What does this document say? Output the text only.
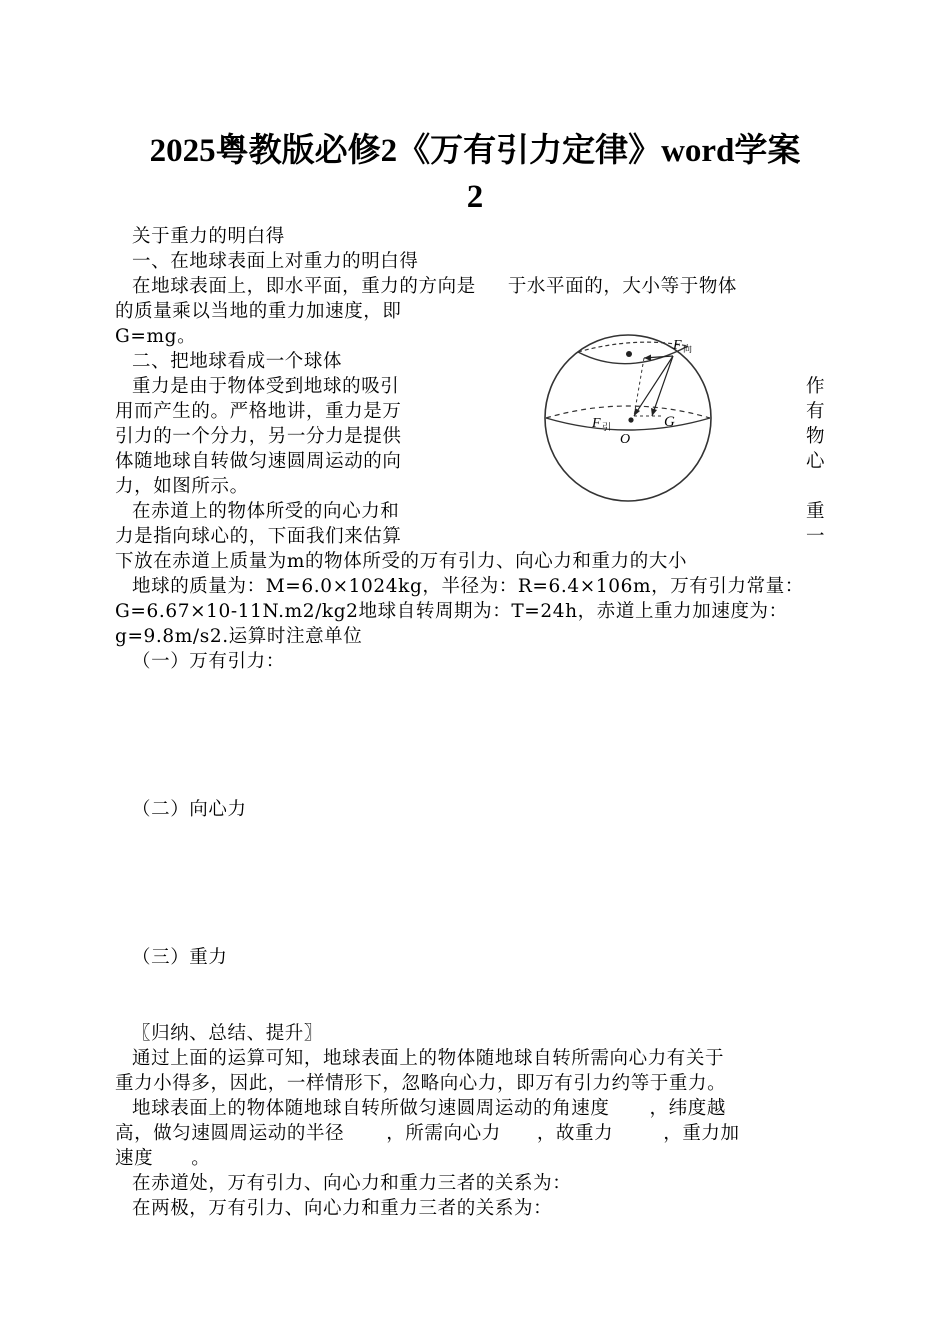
2025粤教版必修2《万有引力定律》word学案
2
关于重力的明白得
一、在地球表面上对重力的明白得
在地球表面上，即水平面，重力的方向是 于水平面的，大小等于物体
的质量乘以当地的重力加速度，即
G=mg。
二、把地球看成一个球体
重力是由于物体受到地球的吸引	作
用而产生的。严格地讲，重力是万	有
引力的一个分力，另一分力是提供	物
体随地球自转做匀速圆周运动的向	心
力，如图所示。
在赤道上的物体所受的向心力和	重
力是指向球心的，下面我们来估算	一
下放在赤道上质量为m的物体所受的万有引力、向心力和重力的大小
地球的质量为：M=6.0×1024kg，半径为：R=6.4×106m，万有引力常量：
G=6.67×10-11N.m2/kg2地球自转周期为：T=24h，赤道上重力加速度为：
g=9.8m/s2.运算时注意单位
（一）万有引力：
（二）向心力
（三）重力
〖归纳、总结、提升〗
通过上面的运算可知，地球表面上的物体随地球自转所需向心力有关于
重力小得多，因此，一样情形下，忽略向心力，即万有引力约等于重力。
地球表面上的物体随地球自转所做匀速圆周运动的角速度 ，纬度越
高，做匀速圆周运动的半径 ，所需向心力 ，故重力	，重力加
速度 。
在赤道处，万有引力、向心力和重力三者的关系为：
在两极，万有引力、向心力和重力三者的关系为：
F 向
F 引	G
O
